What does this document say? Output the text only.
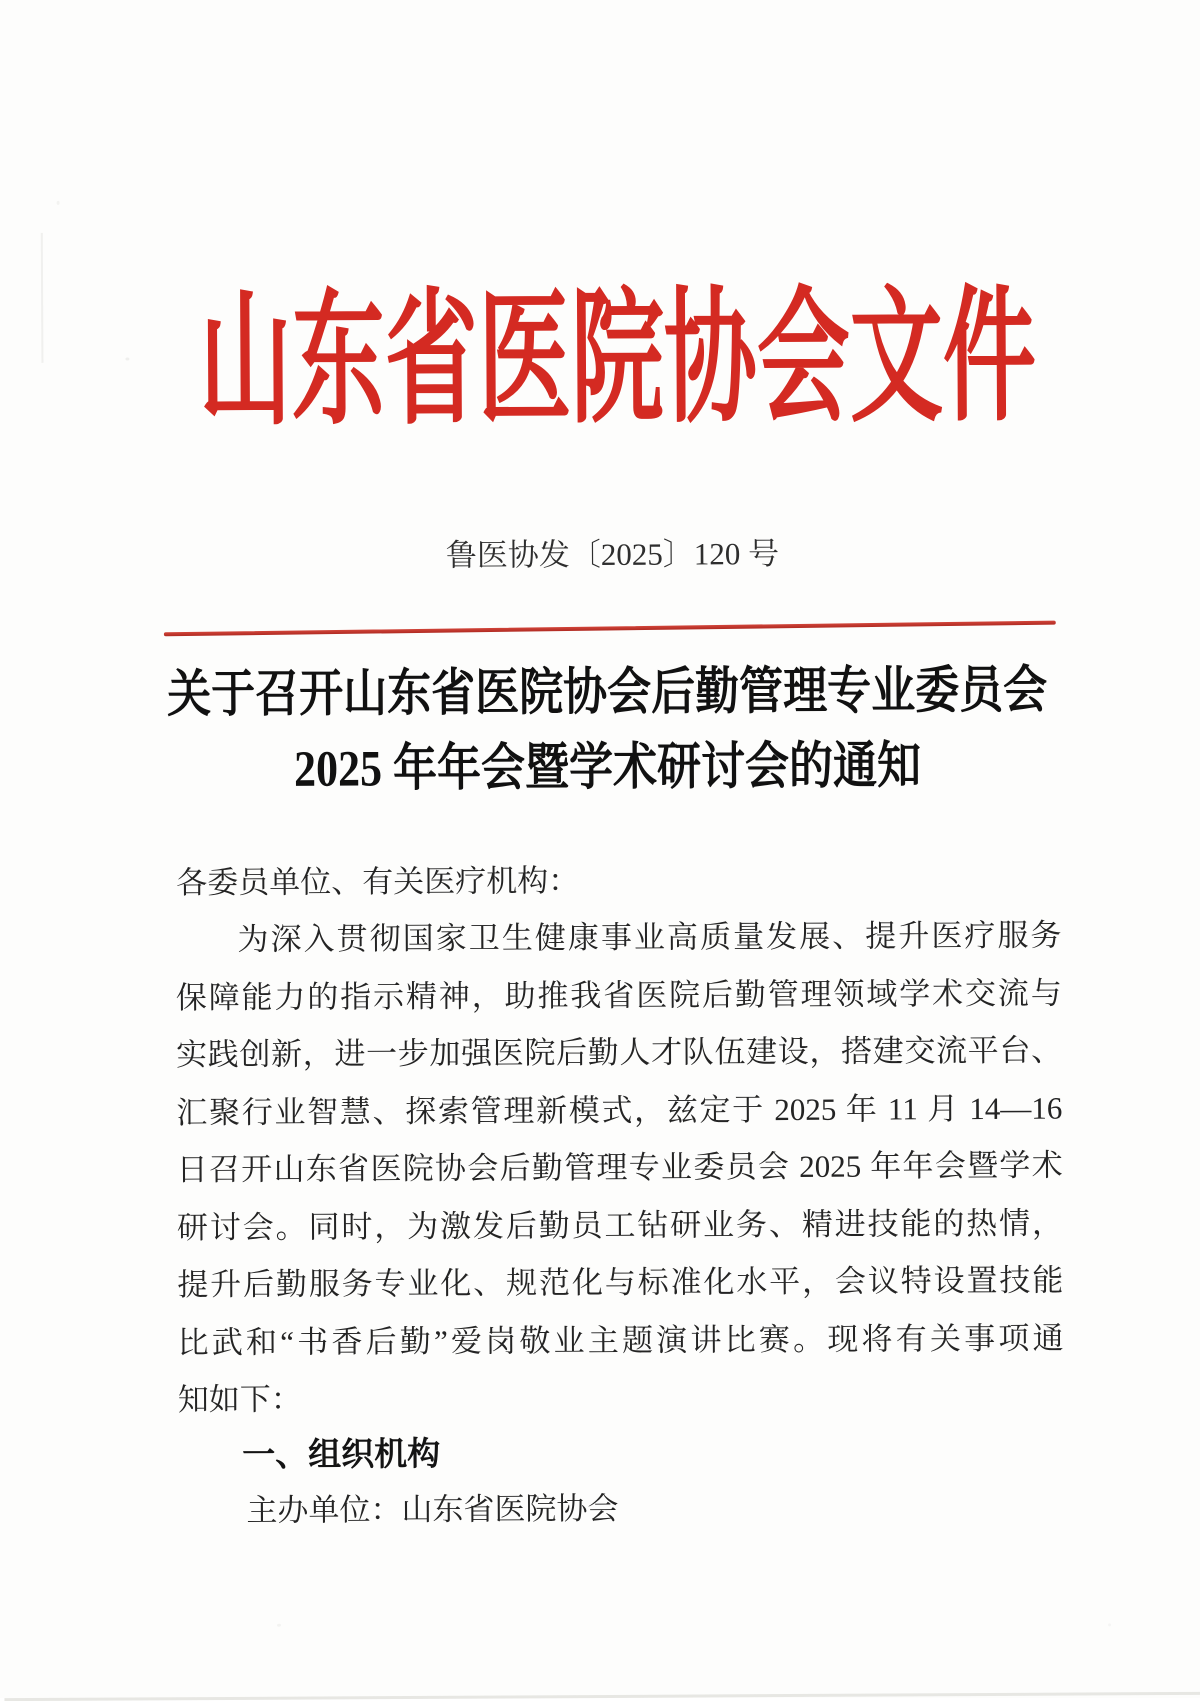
山东省医院协会文件
鲁医协发〔2025〕120 号
关于召开山东省医院协会后勤管理专业委员会
2025 年年会暨学术研讨会的通知
各委员单位、有关医疗机构：
为深入贯彻国家卫生健康事业高质量发展、提升医疗服务
保障能力的指示精神，助推我省医院后勤管理领域学术交流与
实践创新，进一步加强医院后勤人才队伍建设，搭建交流平台、
汇聚行业智慧、探索管理新模式，兹定于 2025 年 11 月 14—16
日召开山东省医院协会后勤管理专业委员会 2025 年年会暨学术
研讨会。同时，为激发后勤员工钻研业务、精进技能的热情，
提升后勤服务专业化、规范化与标准化水平，会议特设置技能
比武和“书香后勤”爱岗敬业主题演讲比赛。现将有关事项通
知如下：
一、组织机构
主办单位：山东省医院协会
